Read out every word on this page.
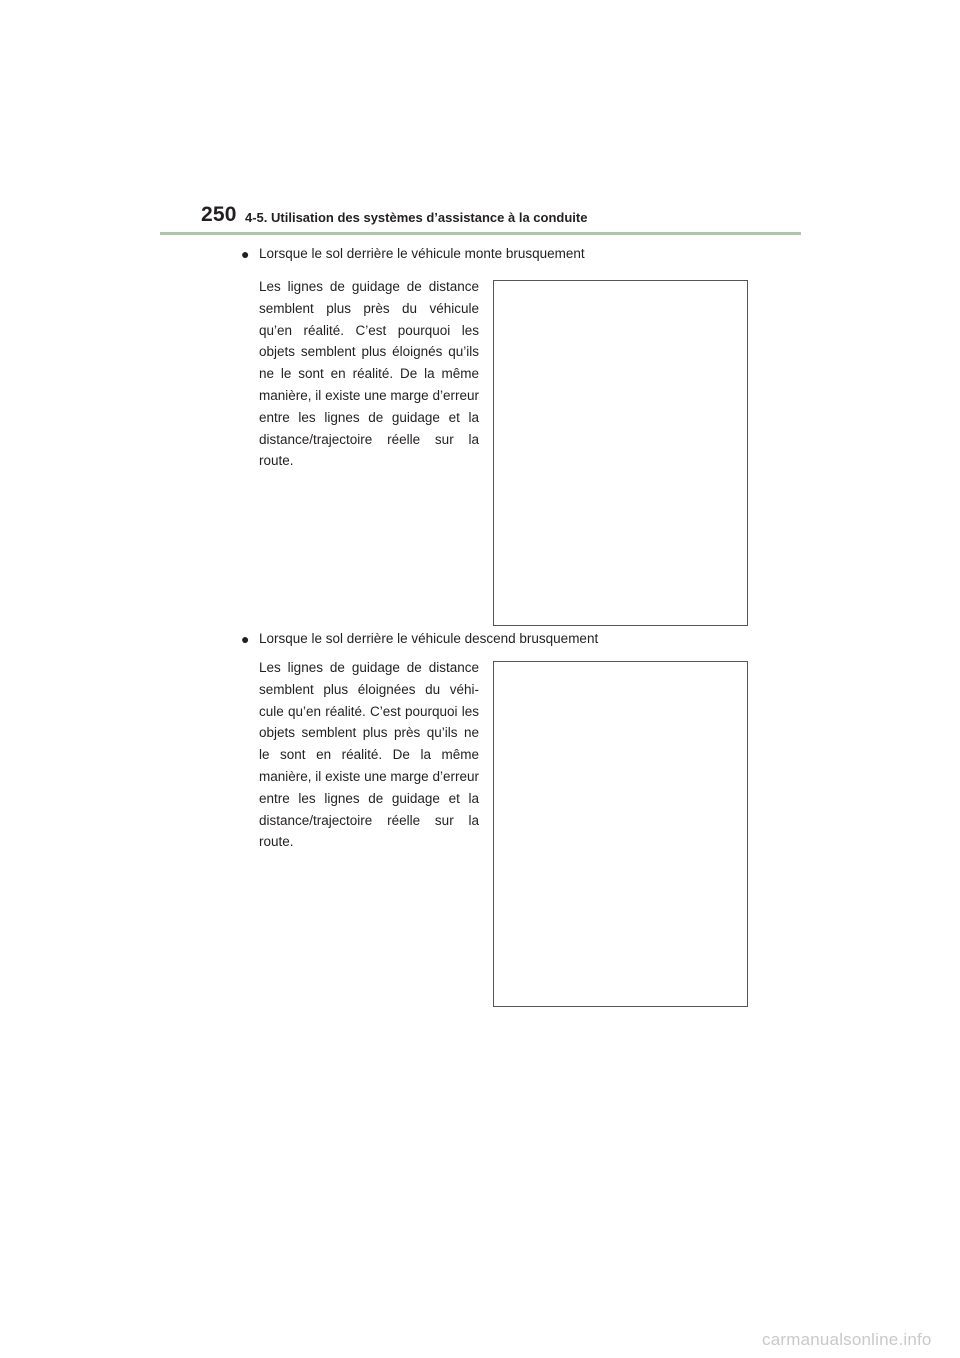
250 4-5. Utilisation des systèmes d’assistance à la conduite
● Lorsque le sol derrière le véhicule monte brusquement
Les lignes de guidage de distance semblent plus près du véhicule qu’en réalité. C’est pourquoi les objets semblent plus éloignés qu’ils ne le sont en réalité. De la même manière, il existe une marge d’erreur entre les lignes de guidage et la distance/trajectoire réelle sur la route.
● Lorsque le sol derrière le véhicule descend brusquement
Les lignes de guidage de distance semblent plus éloignées du véhi-cule qu’en réalité. C’est pourquoi les objets semblent plus près qu’ils ne le sont en réalité. De la même manière, il existe une marge d’erreur entre les lignes de guidage et la distance/trajectoire réelle sur la route.
carmanualsonline.info
